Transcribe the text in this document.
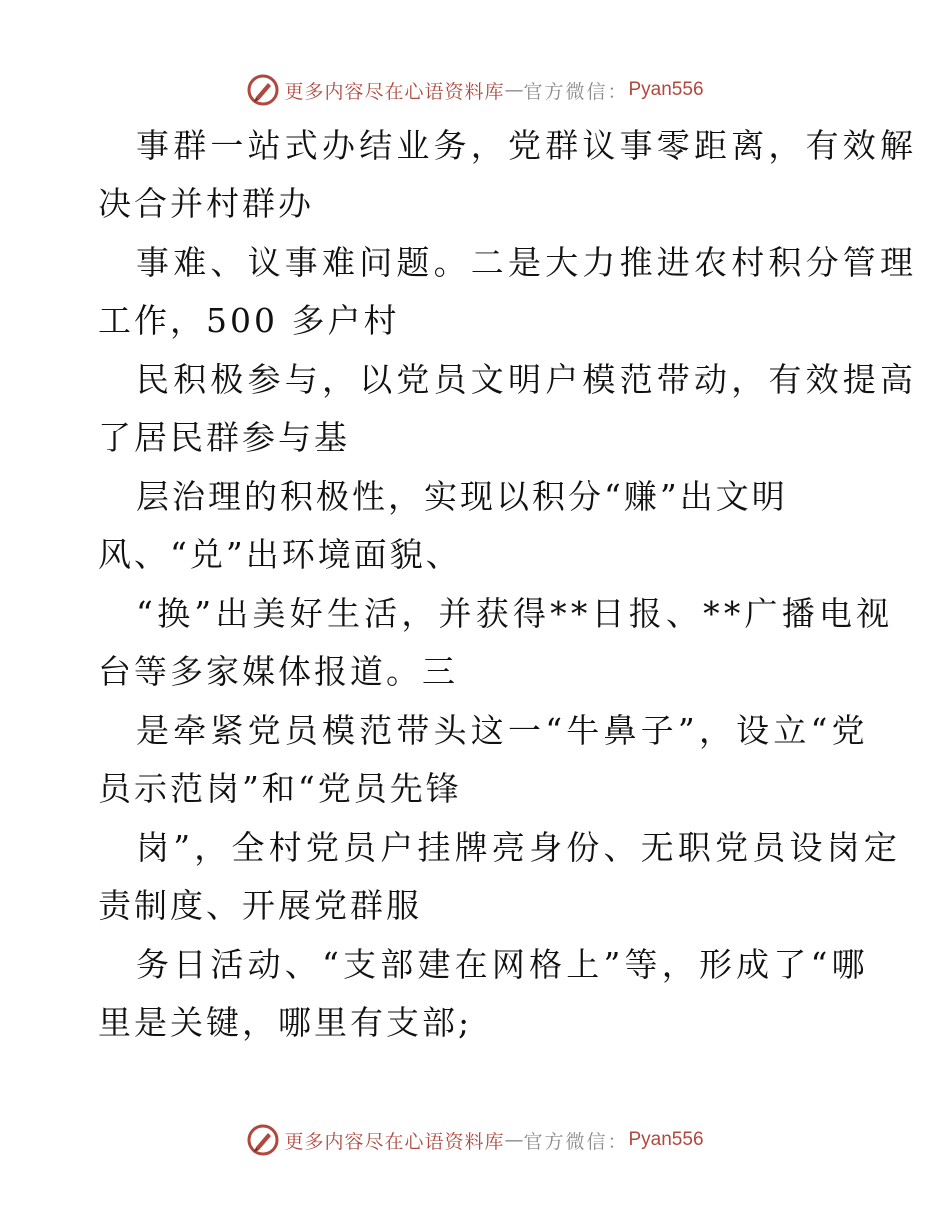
更多内容尽在心语资料库 — 官方微信： Pyan556
事群一站式办结业务，党群议事零距离，有效解
决合并村群办
事难、议事难问题。二是大力推进农村积分管理
工作，500 多户村
民积极参与，以党员文明户模范带动，有效提高
了居民群参与基
层治理的积极性，实现以积分“赚”出文明
风、“兑”出环境面貌、
“换”出美好生活，并获得**日报、**广播电视
台等多家媒体报道。三
是牵紧党员模范带头这一“牛鼻子”，设立“党
员示范岗”和“党员先锋
岗”，全村党员户挂牌亮身份、无职党员设岗定
责制度、开展党群服
务日活动、“支部建在网格上”等，形成了“哪
里是关键，哪里有支部;
更多内容尽在心语资料库 — 官方微信： Pyan556
